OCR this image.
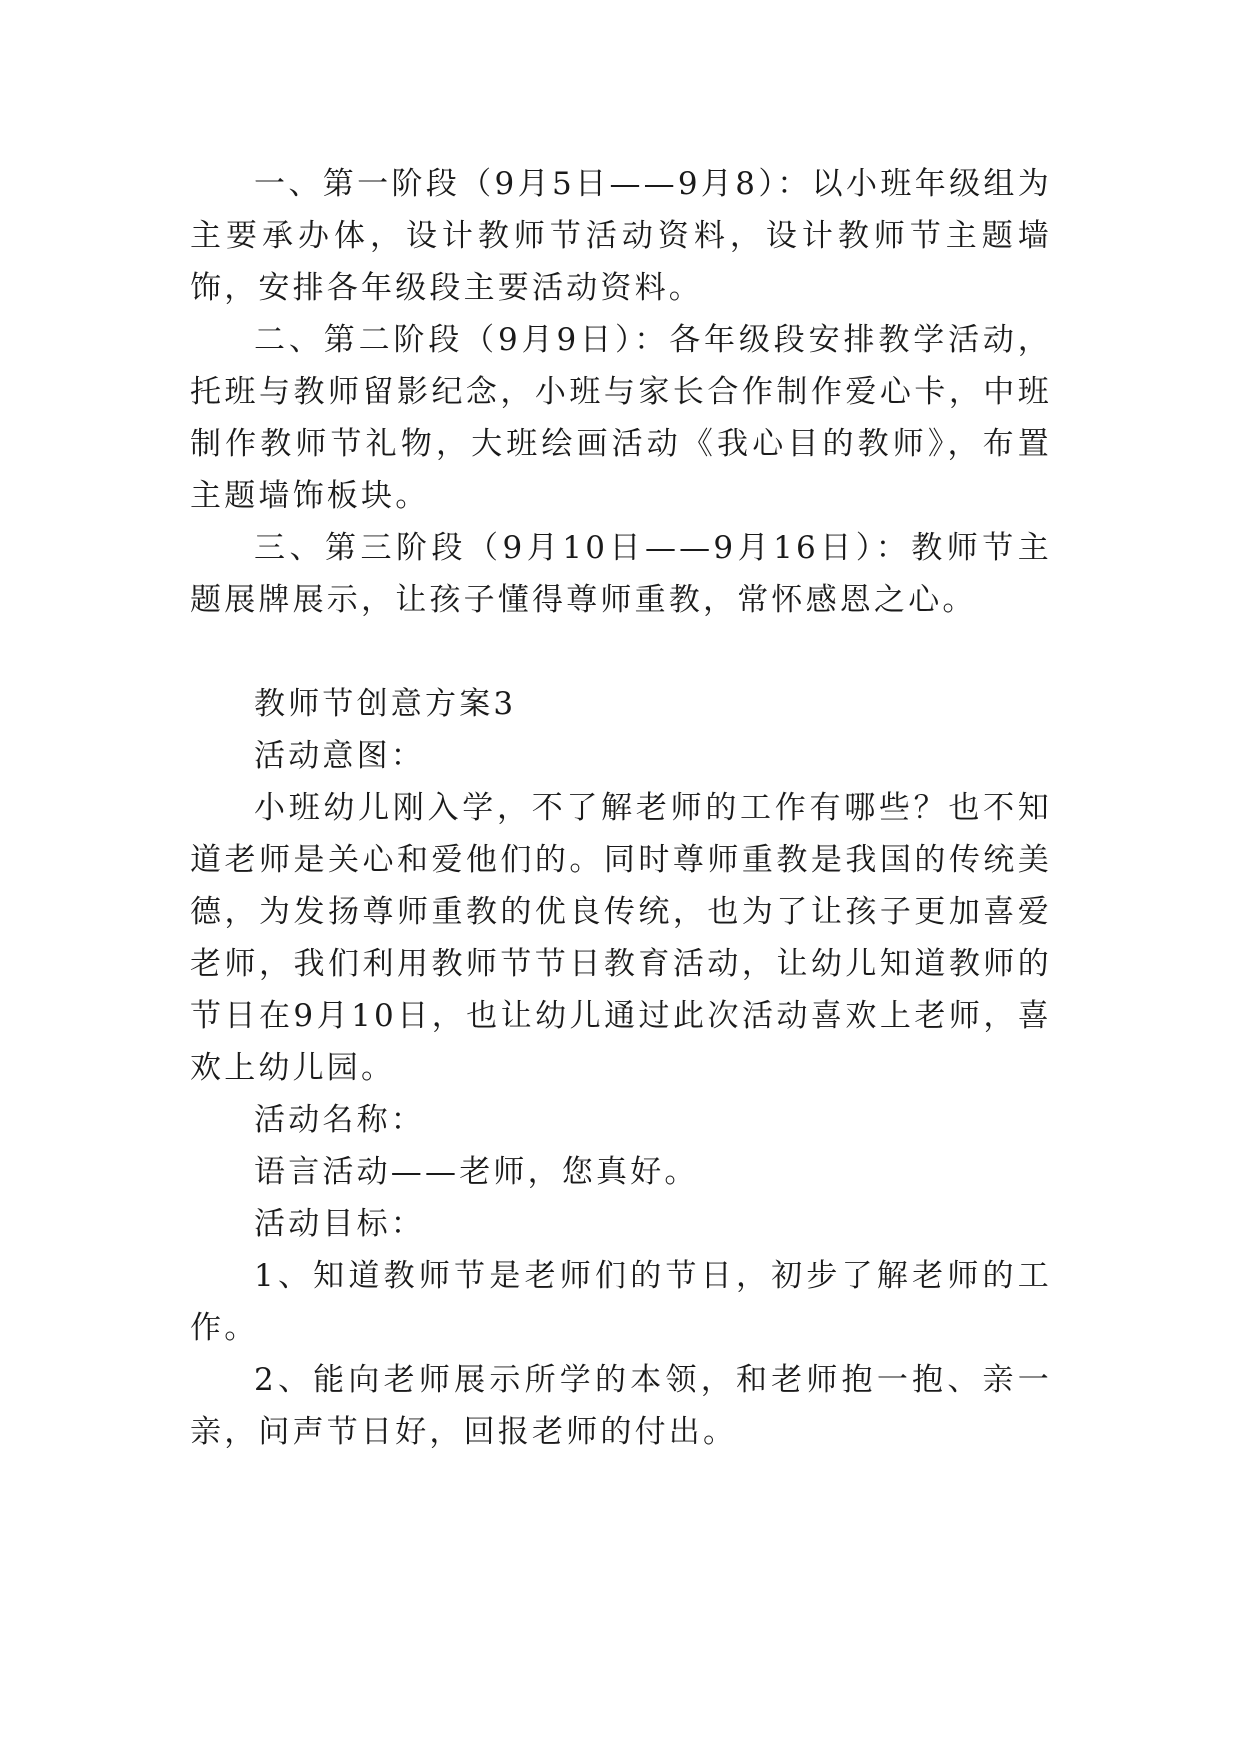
一、第一阶段（9月5日——9月8）：以小班年级组为主要承办体，设计教师节活动资料，设计教师节主题墙饰，安排各年级段主要活动资料。

二、第二阶段（9月9日）：各年级段安排教学活动，托班与教师留影纪念，小班与家长合作制作爱心卡，中班制作教师节礼物，大班绘画活动《我心目的教师》，布置主题墙饰板块。

三、第三阶段（9月10日——9月16日）：教师节主题展牌展示，让孩子懂得尊师重教，常怀感恩之心。

教师节创意方案3

活动意图：

小班幼儿刚入学，不了解老师的工作有哪些？也不知道老师是关心和爱他们的。同时尊师重教是我国的传统美德，为发扬尊师重教的优良传统，也为了让孩子更加喜爱老师，我们利用教师节节日教育活动，让幼儿知道教师的节日在9月10日，也让幼儿通过此次活动喜欢上老师，喜欢上幼儿园。

活动名称：

语言活动——老师，您真好。

活动目标：

1、知道教师节是老师们的节日，初步了解老师的工作。

2、能向老师展示所学的本领，和老师抱一抱、亲一亲，问声节日好，回报老师的付出。
